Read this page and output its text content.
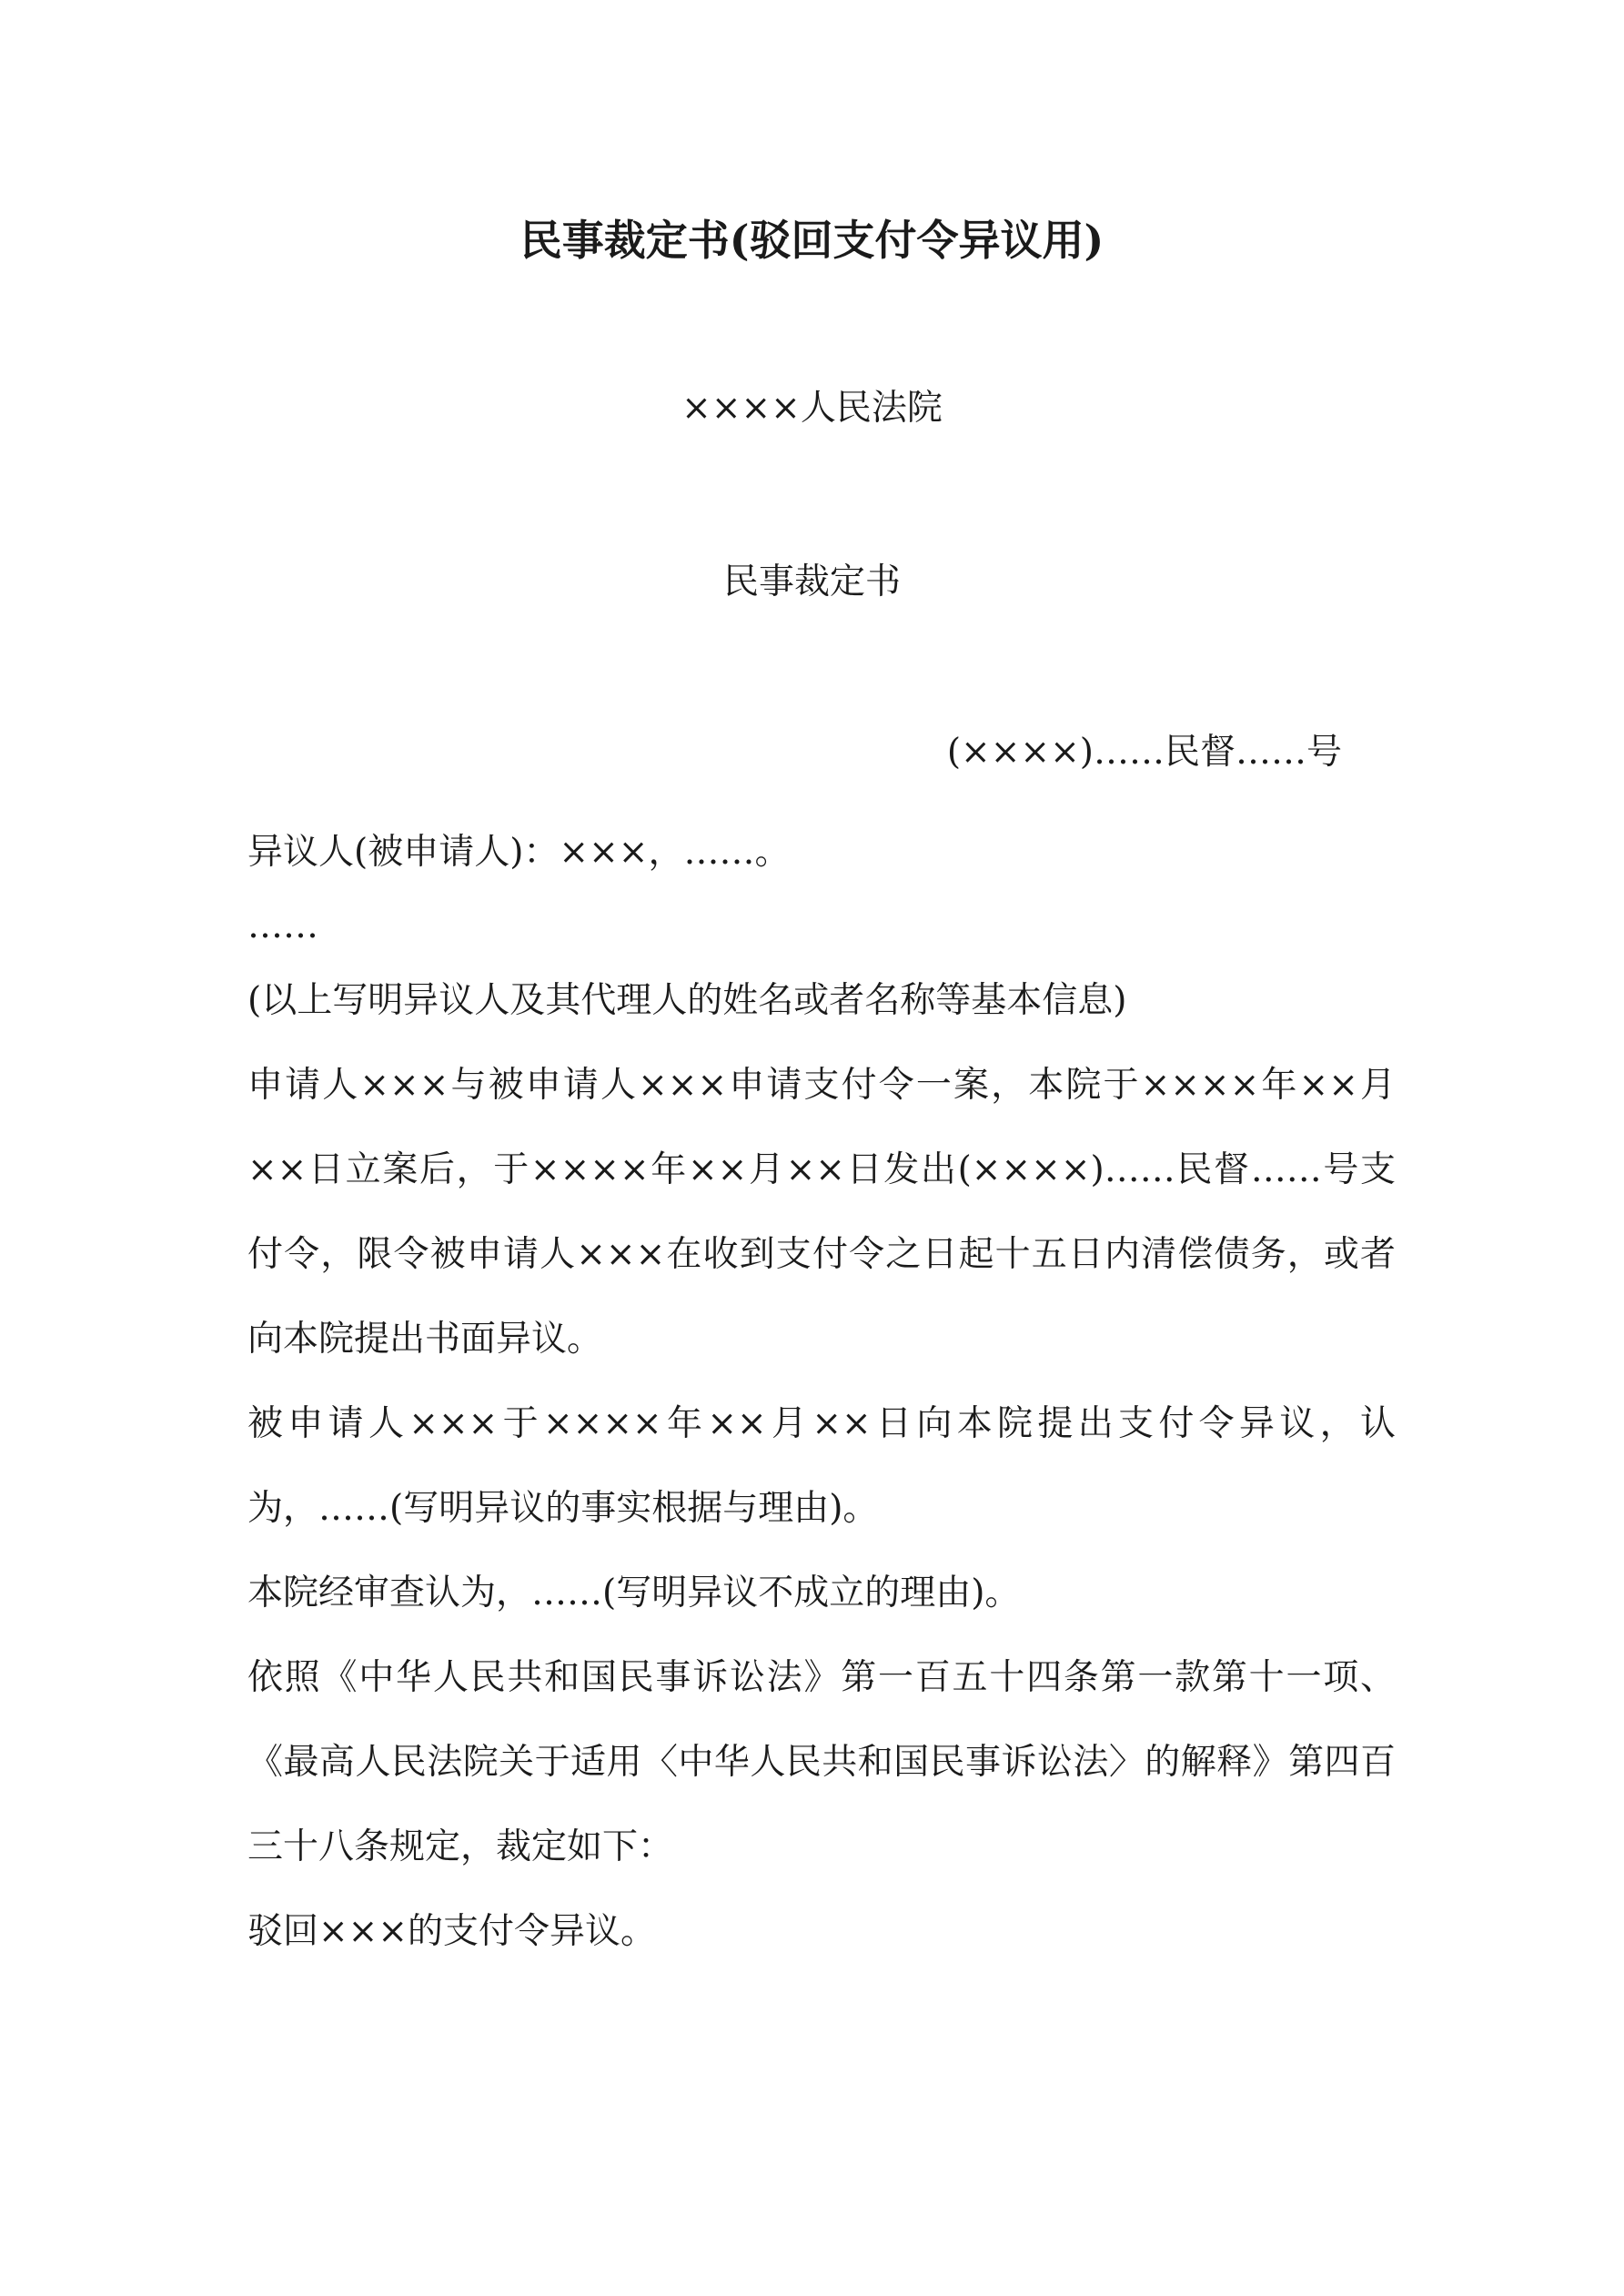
民事裁定书(驳回支付令异议用)
××××人民法院
民事裁定书
(××××)……民督……号

异议人(被申请人)：×××，……。

……

(以上写明异议人及其代理人的姓名或者名称等基本信息)

申请人×××与被申请人×××申请支付令一案，本院于××××年××月××日立案后，于××××年××月××日发出(××××)……民督……号支付令，限令被申请人×××在收到支付令之日起十五日内清偿债务，或者向本院提出书面异议。

被申请人×××于××××年××月××日向本院提出支付令异议，认为，……(写明异议的事实根据与理由)。

本院经审查认为，……(写明异议不成立的理由)。

依照《中华人民共和国民事诉讼法》第一百五十四条第一款第十一项、《最高人民法院关于适用〈中华人民共和国民事诉讼法〉的解释》第四百三十八条规定，裁定如下：

驳回×××的支付令异议。
